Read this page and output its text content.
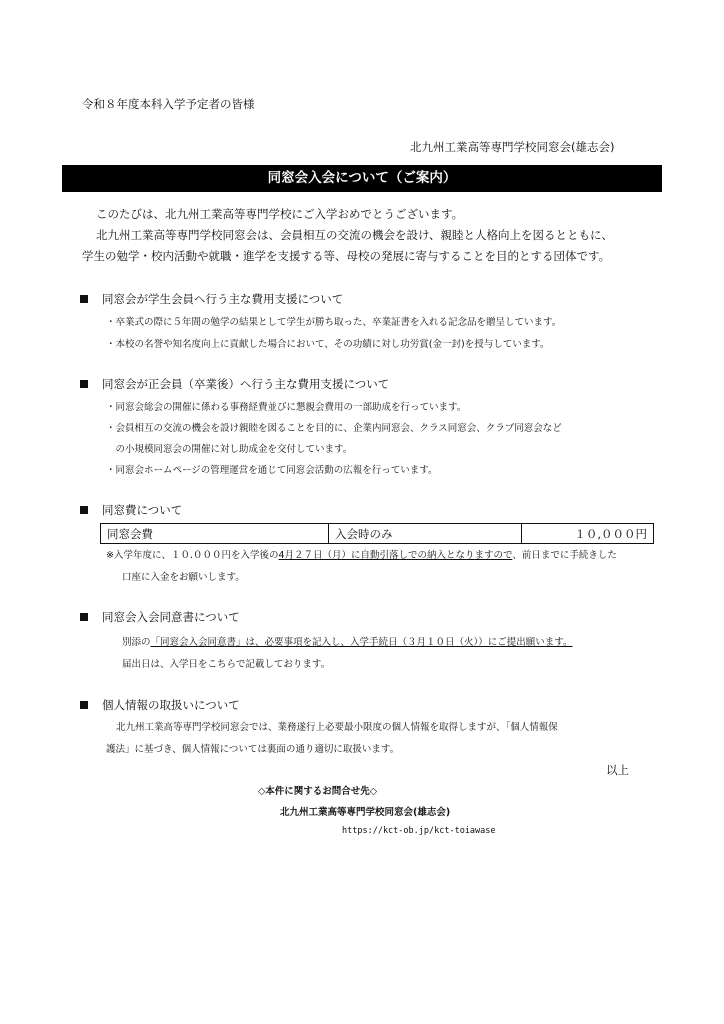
令和８年度本科入学予定者の皆様
北九州工業高等専門学校同窓会(雄志会)
同窓会入会について（ご案内）
このたびは、北九州工業高等専門学校にご入学おめでとうございます。
北九州工業高等専門学校同窓会は、会員相互の交流の機会を設け、親睦と人格向上を図るとともに、
学生の勉学・校内活動や就職・進学を支援する等、母校の発展に寄与することを目的とする団体です。
同窓会が学生会員へ行う主な費用支援について
・卒業式の際に５年間の勉学の結果として学生が勝ち取った、卒業証書を入れる記念品を贈呈しています。
・本校の名誉や知名度向上に貢献した場合において、その功績に対し功労賞(金一封)を授与しています。
同窓会が正会員（卒業後）へ行う主な費用支援について
・同窓会総会の開催に係わる事務経費並びに懇親会費用の一部助成を行っています。
・会員相互の交流の機会を設け親睦を図ることを目的に、企業内同窓会、クラス同窓会、クラブ同窓会など
　の小規模同窓会の開催に対し助成金を交付しています。
・同窓会ホームページの管理運営を通じて同窓会活動の広報を行っています。
同窓費について
同窓会費	入会時のみ	１０,０００円
※入学年度に、１０.０００円を入学後の4月２７日（月）に自動引落しでの納入となりますので、前日までに手続きした
口座に入金をお願いします。
同窓会入会同意書について
別添の「同窓会入会同意書」は、必要事項を記入し、入学手続日（３月１０日（火））にご提出願います。
届出日は、入学日をこちらで記載しております。
個人情報の取扱いについて
北九州工業高等専門学校同窓会では、業務遂行上必要最小限度の個人情報を取得しますが、「個人情報保
護法」に基づき、個人情報については裏面の通り適切に取扱います。
以上
◇本件に関するお問合せ先◇
北九州工業高等専門学校同窓会(雄志会)
https://kct-ob.jp/kct-toiawase
